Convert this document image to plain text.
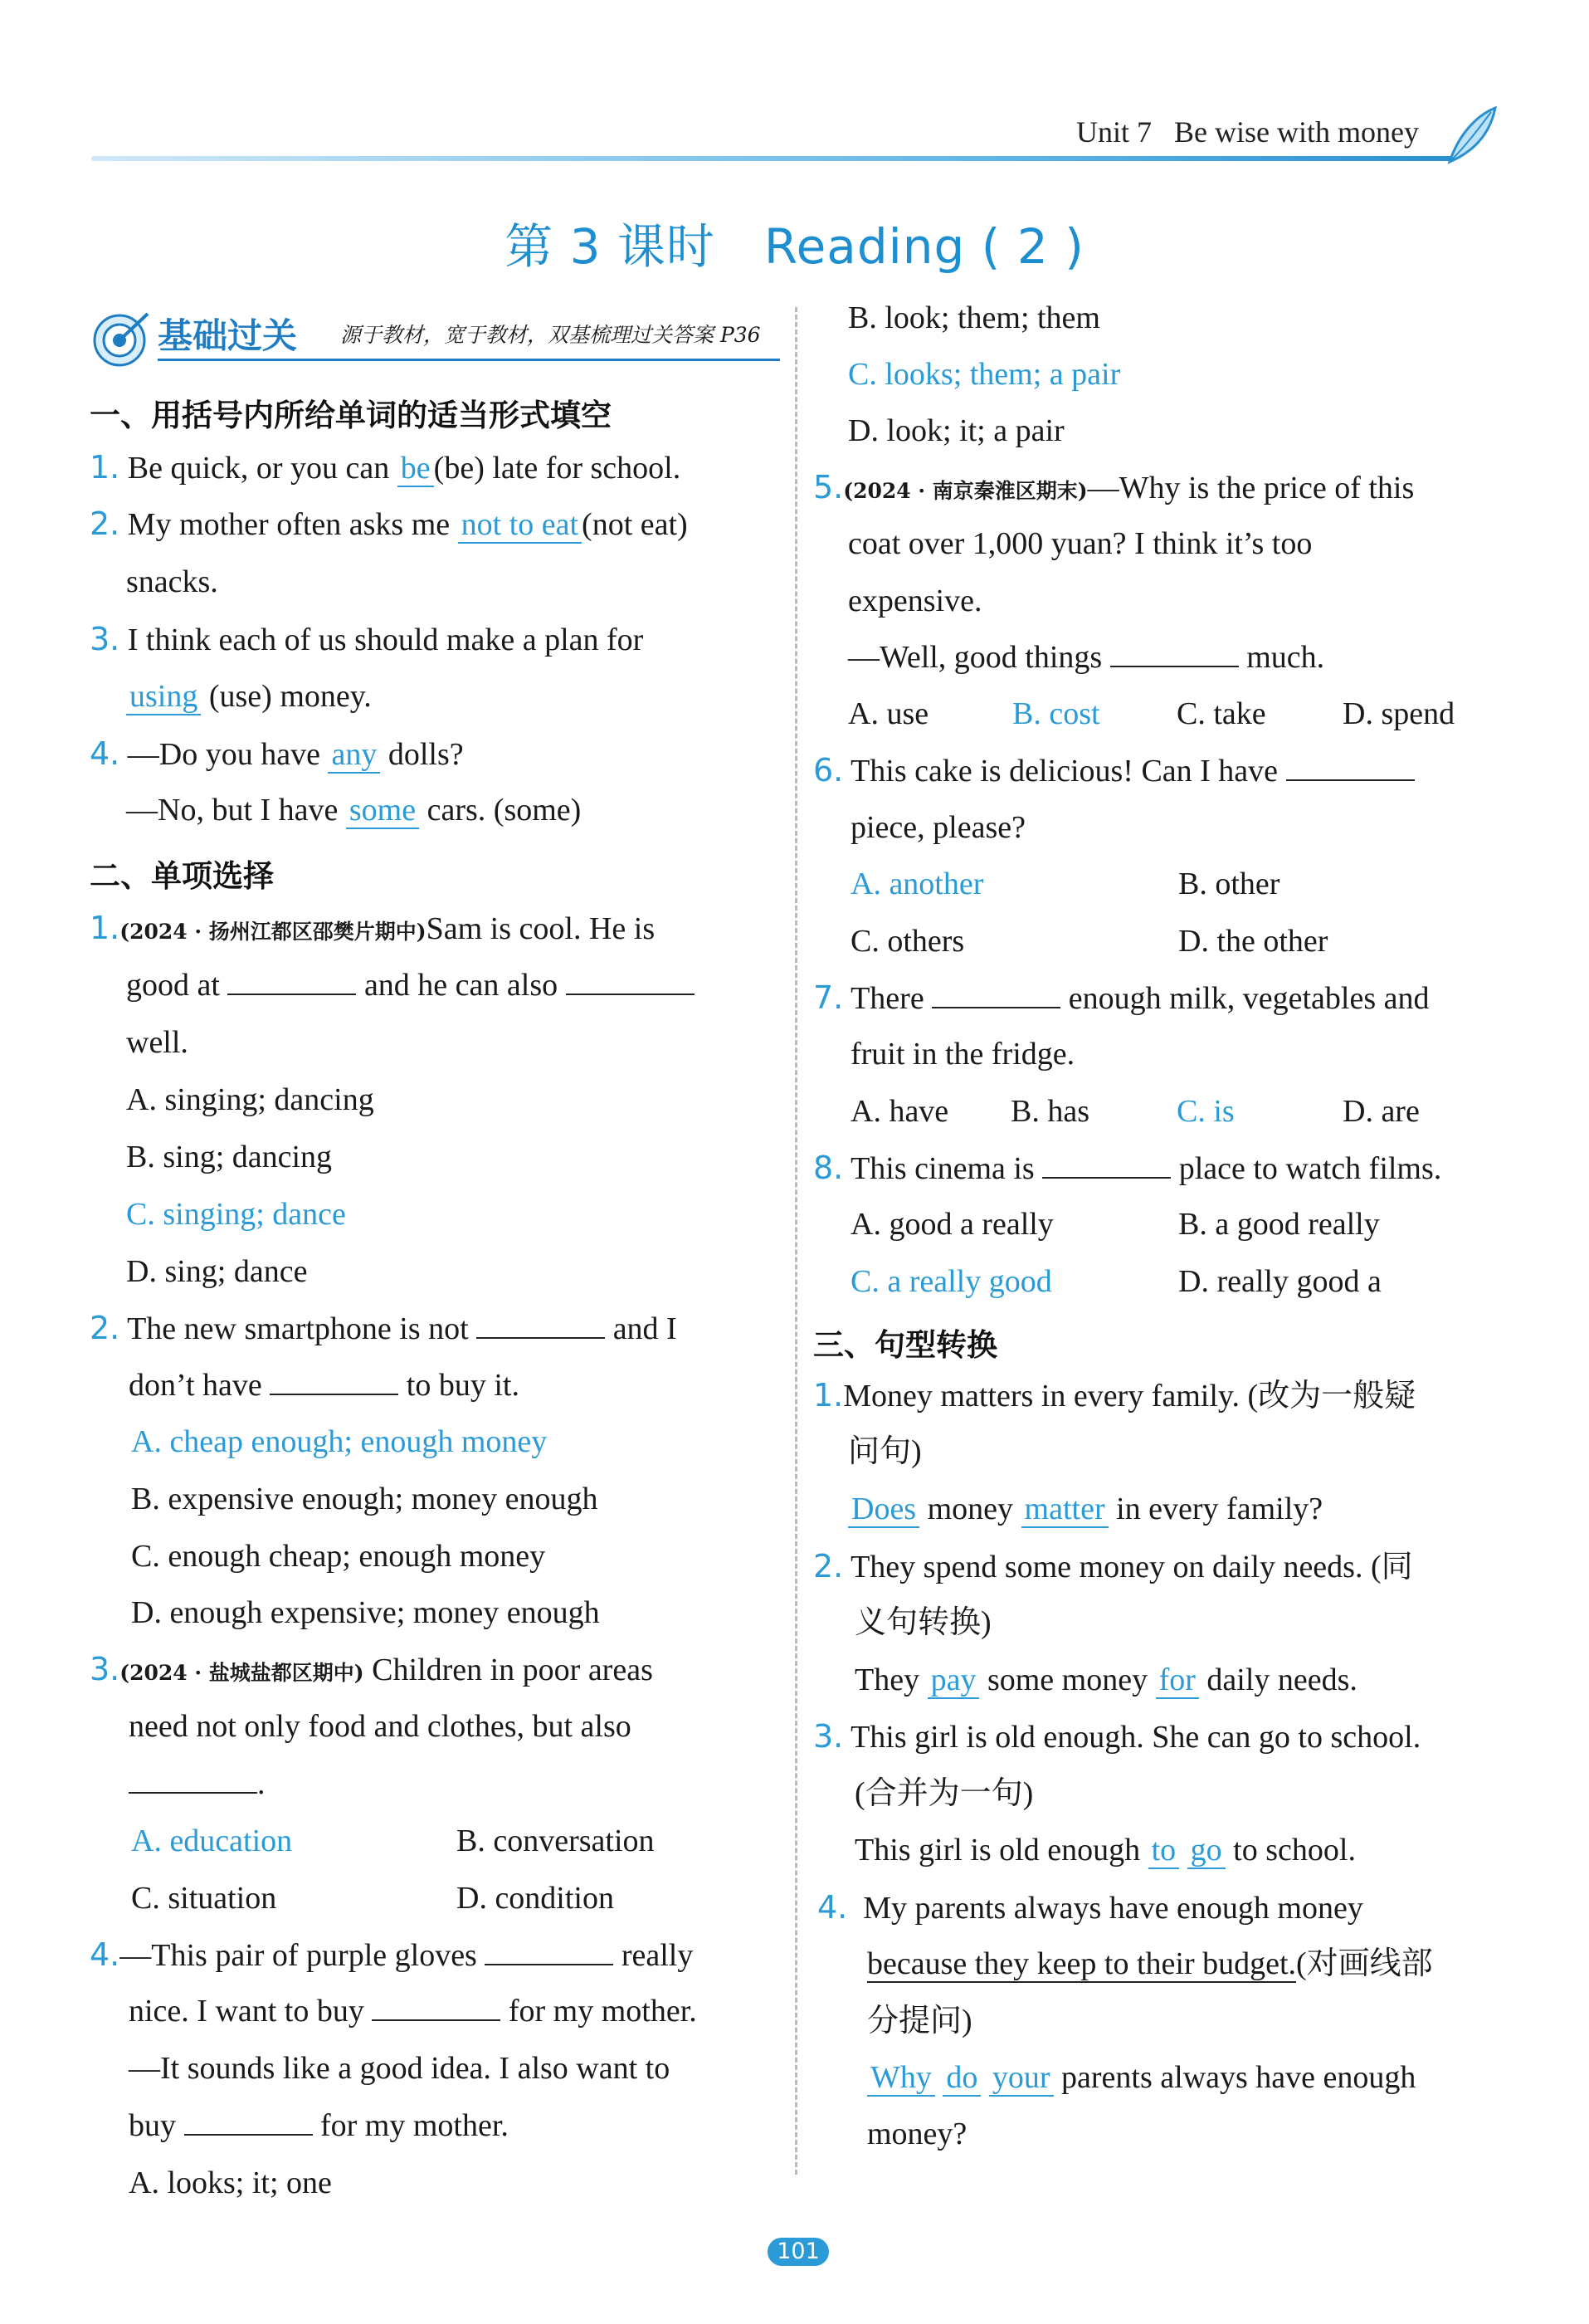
Unit 7 Be wise with money
第 3 课时　Reading ( 2 )
基础过关 源于教材，宽于教材，双基梳理过关答案 P36
一、用括号内所给单词的适当形式填空
1. Be quick, or you can be (be) late for school.
2. My mother often asks me not to eat (not eat)
snacks.
3. I think each of us should make a plan for
using (use) money.
4. —Do you have any dolls?
—No, but I have some cars. (some)
二、单项选择
1.(2024 · 扬州江都区邵樊片期中)Sam is cool. He is
good at	and he can also
well.
A. singing; dancing
B. sing; dancing
C. singing; dance
D. sing; dance
2. The new smartphone is not	and I
don’t have	to buy it.
A. cheap enough; enough money
B. expensive enough; money enough
C. enough cheap; enough money
D. enough expensive; money enough
3.(2024 · 盐城盐都区期中) Children in poor areas
need not only food and clothes, but also
.
A. education	B. conversation
C. situation	D. condition
4.—This pair of purple gloves	really
nice. I want to buy	for my mother.
—It sounds like a good idea. I also want to
buy	for my mother.
A. looks; it; one
B. look; them; them
C. looks; them; a pair
D. look; it; a pair
5.(2024 · 南京秦淮区期末)—Why is the price of this
coat over 1,000 yuan? I think it’s too
expensive.
—Well, good things	much.
A. use	B. cost C. take D. spend
6. This cake is delicious! Can I have
piece, please?
A. another	B. other
C. others	D. the other
7. There	enough milk, vegetables and
fruit in the fridge.
A. have B. has	C. is	D. are
8. This cinema is	place to watch films.
A. good a really	B. a good really
C. a really good	D. really good a
三、句型转换
1.Money matters in every family. (改为一般疑
问句)
Does money matter in every family?
2. They spend some money on daily needs. (同
义句转换)
They pay some money for daily needs.
3. This girl is old enough. She can go to school.
(合并为一句)
This girl is old enough to go to school.
4. My parents always have enough money
because they keep to their budget.(对画线部
分提问)
Why do your parents always have enough
money?
101
